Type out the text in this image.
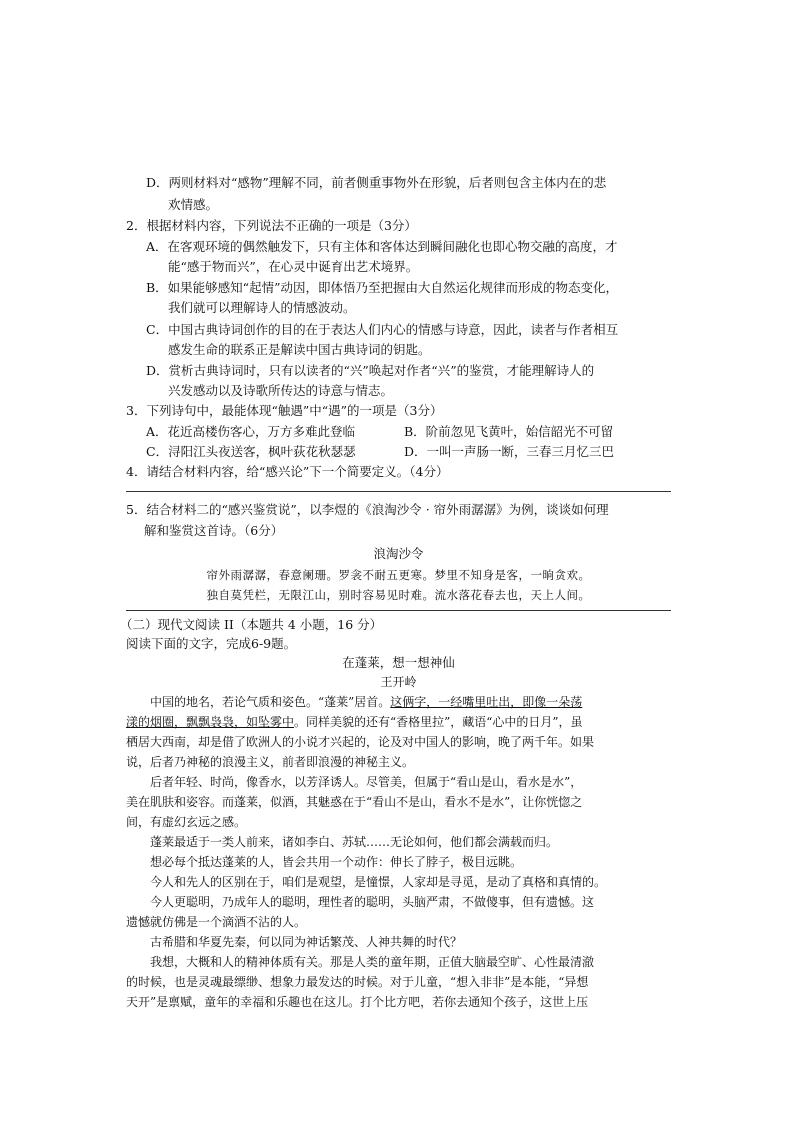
D．两则材料对“感物”理解不同，前者侧重事物外在形貌，后者则包含主体内在的悲
欢情感。
2．根据材料内容，下列说法不正确的一项是（3分）
A．在客观环境的偶然触发下，只有主体和客体达到瞬间融化也即心物交融的高度，才
能“感于物而兴”，在心灵中诞育出艺术境界。
B．如果能够感知“起情”动因，即体悟乃至把握由大自然运化规律而形成的物态变化，
我们就可以理解诗人的情感波动。
C．中国古典诗词创作的目的在于表达人们内心的情感与诗意，因此，读者与作者相互
感发生命的联系正是解读中国古典诗词的钥匙。
D．赏析古典诗词时，只有以读者的“兴”唤起对作者“兴”的鉴赏，才能理解诗人的
兴发感动以及诗歌所传达的诗意与情志。
3．下列诗句中，最能体现“触遇”中“遇”的一项是（3分）
A．花近高楼伤客心，万方多难此登临	B．阶前忽见飞黄叶，始信韶光不可留
C．浔阳江头夜送客，枫叶荻花秋瑟瑟	D．一叫一声肠一断，三春三月忆三巴
4．请结合材料内容，给“感兴论”下一个简要定义。（4分）
5．结合材料二的“感兴鉴赏说”，以李煜的《浪淘沙令 · 帘外雨潺潺》为例，谈谈如何理
解和鉴赏这首诗。（6分）
浪淘沙令
帘外雨潺潺，春意阑珊。罗衾不耐五更寒。梦里不知身是客，一晌贪欢。
独自莫凭栏，无限江山，别时容易见时难。流水落花春去也，天上人间。
（二）现代文阅读 II（本题共 4 小题，16 分）
阅读下面的文字，完成6-9题。
在蓬莱，想一想神仙
王开岭
中国的地名，若论气质和姿色。“蓬莱”居首。这俩字，一经嘴里吐出，即像一朵荡
漾的烟圈，飘飘袅袅，如坠雾中。同样美貌的还有“香格里拉”，藏语“心中的日月”，虽
栖居大西南，却是借了欧洲人的小说才兴起的，论及对中国人的影响，晚了两千年。如果
说，后者乃神秘的浪漫主义，前者即浪漫的神秘主义。
后者年轻、时尚，像香水，以芳泽诱人。尽管美，但属于“看山是山，看水是水”，
美在肌肤和姿容。而蓬莱，似酒，其魅惑在于“看山不是山，看水不是水”，让你恍惚之
间，有虚幻玄远之感。
蓬莱最适于一类人前来，诸如李白、苏轼……无论如何，他们都会满载而归。
想必每个抵达蓬莱的人，皆会共用一个动作：伸长了脖子，极目远眺。
今人和先人的区别在于，咱们是观望，是憧憬，人家却是寻觅，是动了真格和真情的。
今人更聪明，乃成年人的聪明，理性者的聪明，头脑严肃，不做傻事，但有遗憾。这
遗憾就仿佛是一个滴酒不沾的人。
古希腊和华夏先秦，何以同为神话繁茂、人神共舞的时代？
我想，大概和人的精神体质有关。那是人类的童年期，正值大脑最空旷、心性最清澈
的时候，也是灵魂最缥缈、想象力最发达的时候。对于儿童，“想入非非”是本能，“异想
天开”是禀赋，童年的幸福和乐趣也在这儿。打个比方吧，若你去通知个孩子，这世上压
